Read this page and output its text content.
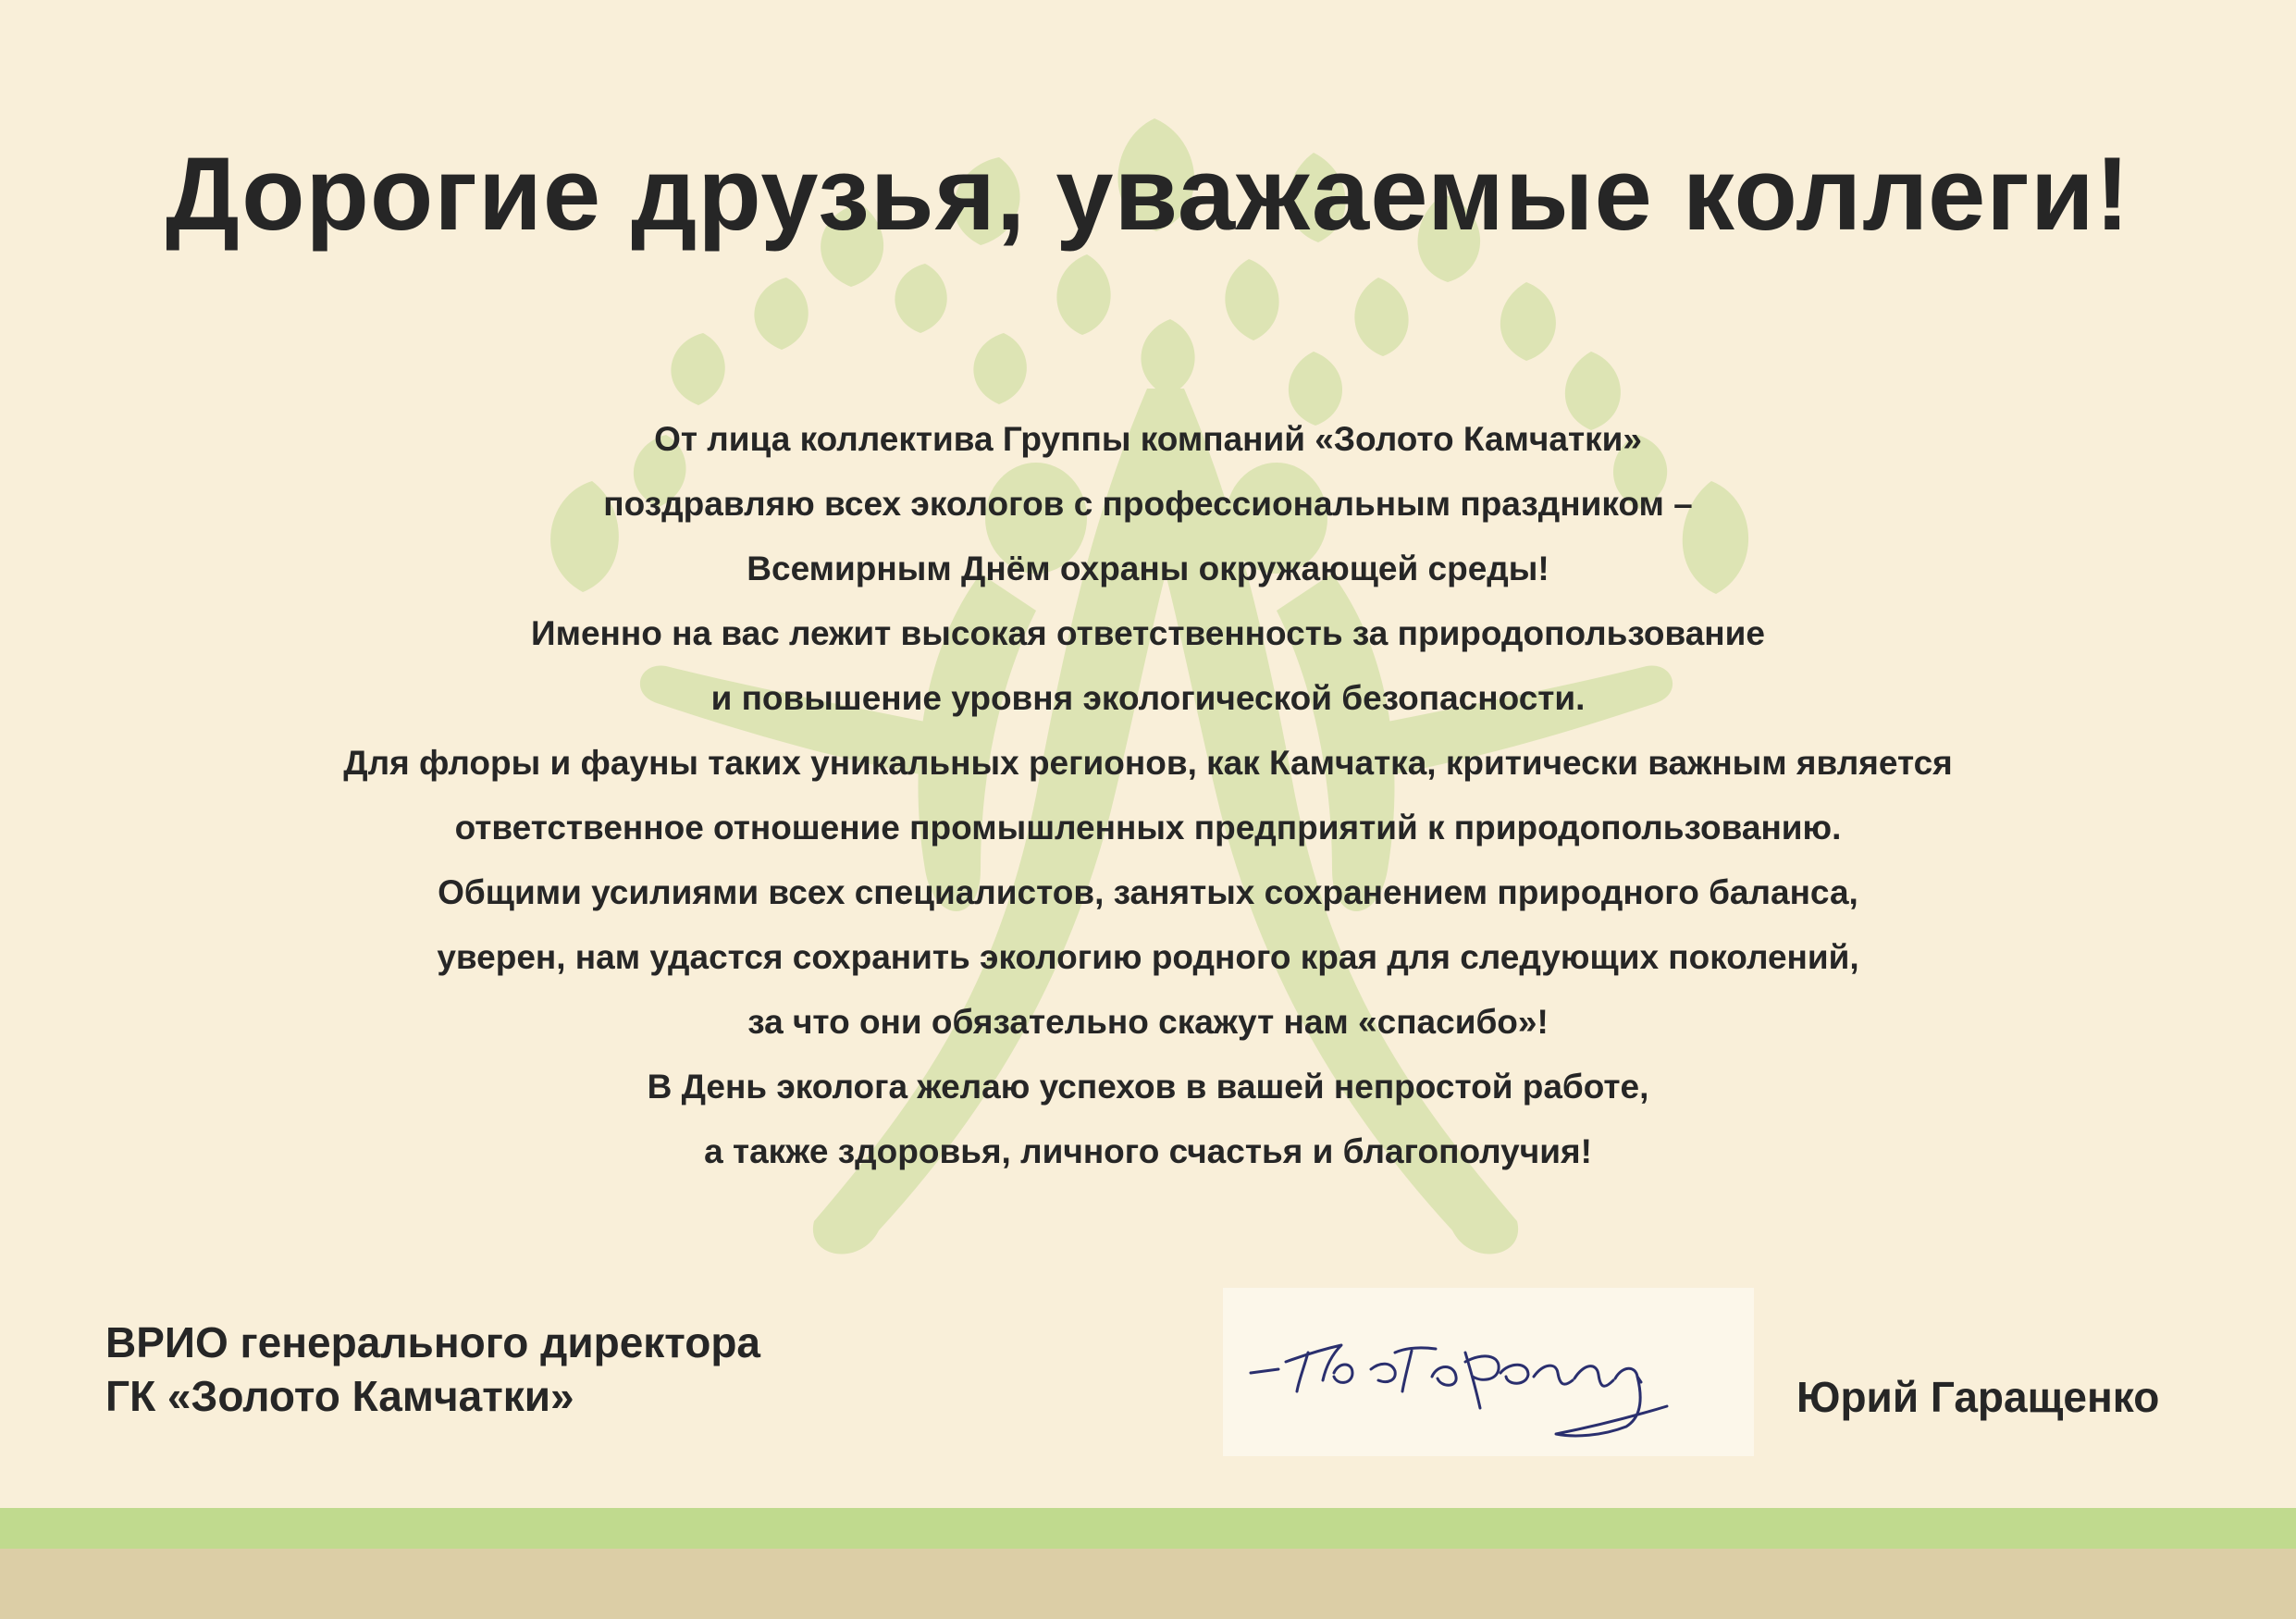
Дорогие друзья, уважаемые коллеги!
От лица коллектива Группы компаний «Золото Камчатки»
поздравляю всех экологов с профессиональным праздником –
Всемирным Днём охраны окружающей среды!
Именно на вас лежит высокая ответственность за природопользование
и повышение уровня экологической безопасности.
Для флоры и фауны таких уникальных регионов, как Камчатка, критически важным является
ответственное отношение промышленных предприятий к природопользованию.
Общими усилиями всех специалистов, занятых сохранением природного баланса,
уверен, нам удастся сохранить экологию родного края для следующих поколений,
за что они обязательно скажут нам «спасибо»!
В День эколога желаю успехов в вашей непростой работе,
а также здоровья, личного счастья и благополучия!
ВРИО генерального директора
ГК «Золото Камчатки»	Юрий Гаращенко
